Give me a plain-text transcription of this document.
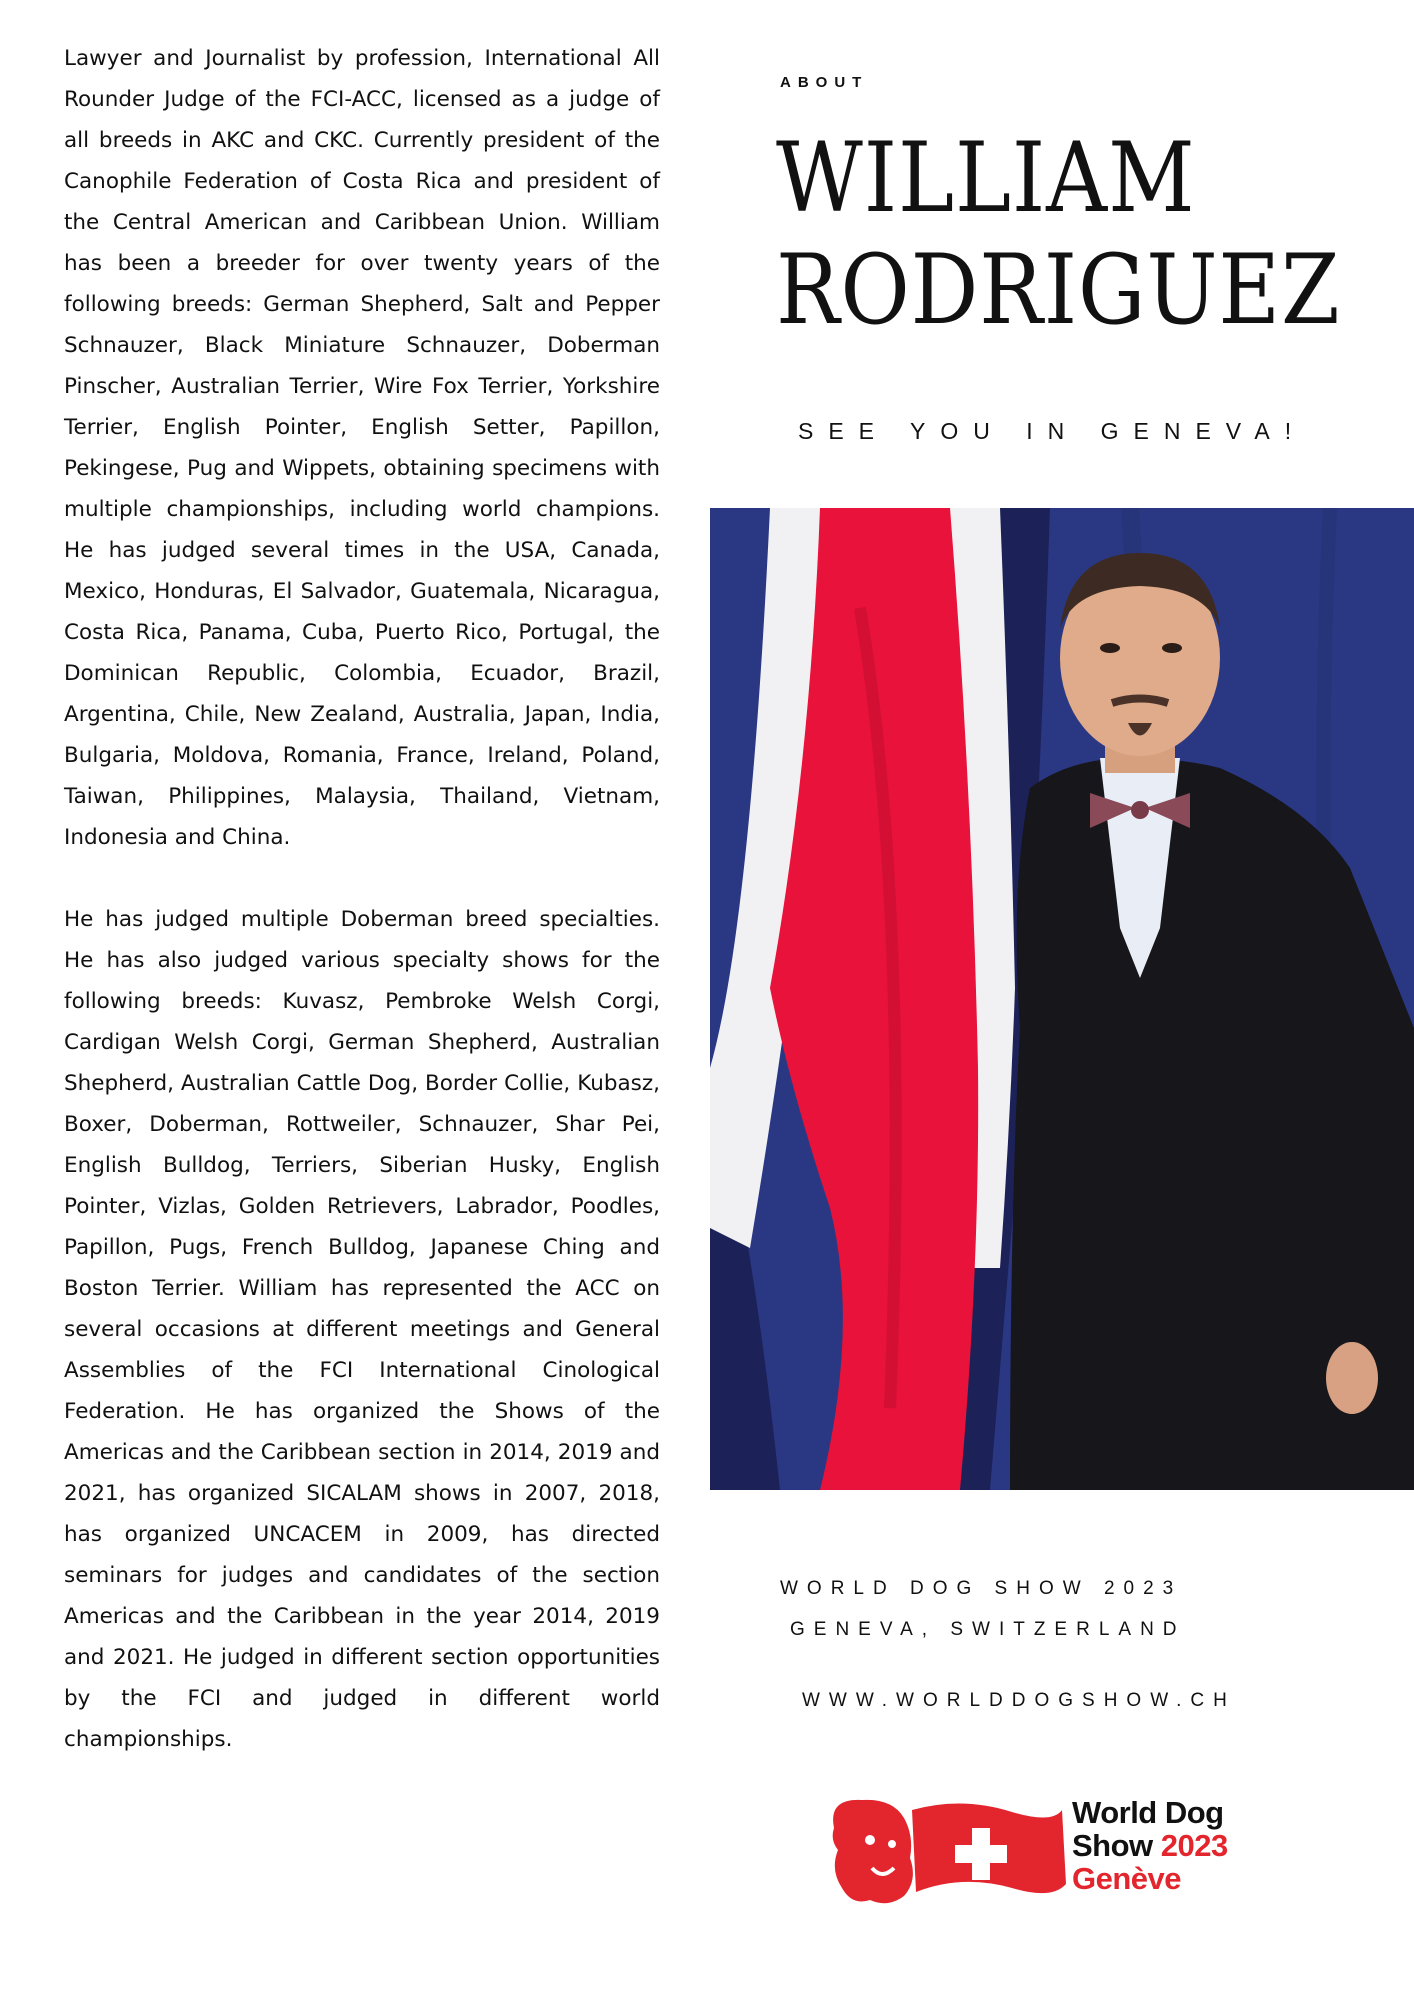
Lawyer and Journalist by profession, International All Rounder Judge of the FCI-ACC, licensed as a judge of all breeds in AKC and CKC. Currently president of the Canophile Federation of Costa Rica and president of the Central American and Caribbean Union. William has been a breeder for over twenty years of the following breeds: German Shepherd, Salt and Pepper Schnauzer, Black Miniature Schnauzer, Doberman Pinscher, Australian Terrier, Wire Fox Terrier, Yorkshire Terrier, English Pointer, English Setter, Papillon, Pekingese, Pug and Wippets, obtaining specimens with multiple championships, including world champions. He has judged several times in the USA, Canada, Mexico, Honduras, El Salvador, Guatemala, Nicaragua, Costa Rica, Panama, Cuba, Puerto Rico, Portugal, the Dominican Republic, Colombia, Ecuador, Brazil, Argentina, Chile, New Zealand, Australia, Japan, India, Bulgaria, Moldova, Romania, France, Ireland, Poland, Taiwan, Philippines, Malaysia, Thailand, Vietnam, Indonesia and China.

He has judged multiple Doberman breed specialties. He has also judged various specialty shows for the following breeds: Kuvasz, Pembroke Welsh Corgi, Cardigan Welsh Corgi, German Shepherd, Australian Shepherd, Australian Cattle Dog, Border Collie, Kubasz, Boxer, Doberman, Rottweiler, Schnauzer, Shar Pei, English Bulldog, Terriers, Siberian Husky, English Pointer, Vizlas, Golden Retrievers, Labrador, Poodles, Papillon, Pugs, French Bulldog, Japanese Ching and Boston Terrier. William has represented the ACC on several occasions at different meetings and General Assemblies of the FCI International Cinological Federation. He has organized the Shows of the Americas and the Caribbean section in 2014, 2019 and 2021, has organized SICALAM shows in 2007, 2018, has organized UNCACEM in 2009, has directed seminars for judges and candidates of the section Americas and the Caribbean in the year 2014, 2019 and 2021. He judged in different section opportunities by the FCI and judged in different world championships.

ABOUT
WILLIAM
RODRIGUEZ
SEE YOU IN GENEVA!
WORLD DOG SHOW 2023
GENEVA, SWITZERLAND
WWW.WORLDDOGSHOW.CH
World Dog
Show 2023
Genève
